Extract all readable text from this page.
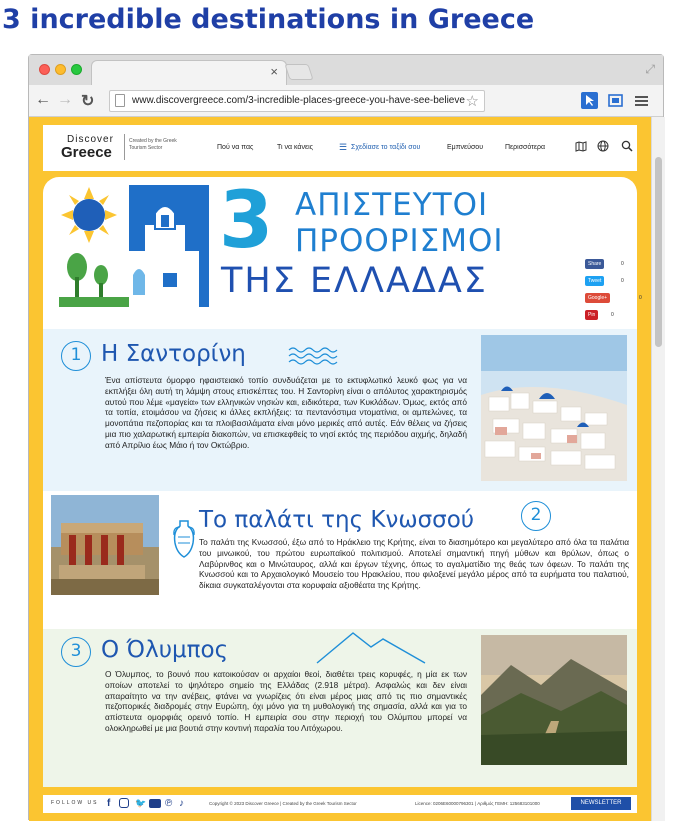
3 incredible destinations in Greece
×	⤢
← → ↻	www.discovergreece.com/3-incredible-places-greece-you-have-see-believe ☆
Discover
Greece
Created by the Greek Tourism Sector	Πού να πας	Τι να κάνεις	☰ Σχεδίασε το ταξίδι σου	Εμπνεύσου	Περισσότερα
3 ΑΠΙΣΤΕΥΤΟΙ
ΠΡΟΟΡΙΣΜΟΙ
ΤΗΣ ΕΛΛΑΔΑΣ	Share	0
Tweet	0
Google+	0
Pin	0
1 Η Σαντορίνη
Ένα απίστευτα όμορφο ηφαιστειακό τοπίο συνδυάζεται με το εκτυφλωτικό λευκό φως για να εκπλήξει όλη αυτή τη λάμψη στους επισκέπτες του. Η Σαντορίνη είναι ο απόλυτος χαρακτηρισμός αυτού που λέμε «μαγεία» των ελληνικών νησιών και, ειδικότερα, των Κυκλάδων. Όμως, εκτός από τα τοπία, ετοιμάσου να ζήσεις κι άλλες εκπλήξεις: τα πεντανόστιμα ντοματίνια, οι αμπελώνες, τα μονοπάτια πεζοπορίας και τα πλοιβασιλάματα είναι μόνο μερικές από αυτές. Εάν θέλεις να ζήσεις μια πιο χαλαρωτική εμπειρία διακοπών, να επισκεφθείς το νησί εκτός της περιόδου αιχμής, δηλαδή από Απρίλιο έως Μάιο ή τον Οκτώβριο.
Το παλάτι της Κνωσσού	2
Το παλάτι της Κνωσσού, έξω από το Ηράκλειο της Κρήτης, είναι το διασημότερο και μεγαλύτερο από όλα τα παλάτια του μινωικού, του πρώτου ευρωπαϊκού πολιτισμού. Αποτελεί σημαντική πηγή μύθων και θρύλων, όπως ο Λαβύρινθος και ο Μινώταυρος, αλλά και έργων τέχνης, όπως το αγαλματίδιο της θεάς των όφεων. Το παλάτι της Κνωσσού και το Αρχαιολογικό Μουσείο του Ηρακλείου, που φιλοξενεί μεγάλο μέρος από τα ευρήματα του παλατιού, δίκαια συγκαταλέγονται στα κορυφαία αξιοθέατα της Κρήτης.
3 Ο Όλυμπος
Ο Όλυμπος, το βουνό που κατοικούσαν οι αρχαίοι θεοί, διαθέτει τρεις κορυφές, η μία εκ των οποίων αποτελεί το ψηλότερο σημείο της Ελλάδας (2.918 μέτρα). Ασφαλώς και δεν είναι απαραίτητο να την ανέβεις, φτάνει να γνωρίζεις ότι είναι μέρος μιας από τις πιο σημαντικές πεζοπορικές διαδρομές στην Ευρώπη, όχι μόνο για τη μυθολογική της σημασία, αλλά και για το απίστευτα ομορφιάς ορεινό τοπίο. Η εμπειρία σου στην περιοχή του Ολύμπου μπορεί να ολοκληρωθεί με μια βουτιά στην κοντινή παραλία του Λιτόχωρου.
FOLLOW US f	🐦 ℗ ♪	Copyright © 2023 Discover Greece | Created by the Greek Tourism Sector	Licence: 0206E60000796301 | Αριθμός ΓΕΜΗ: 125683101000	NEWSLETTER
